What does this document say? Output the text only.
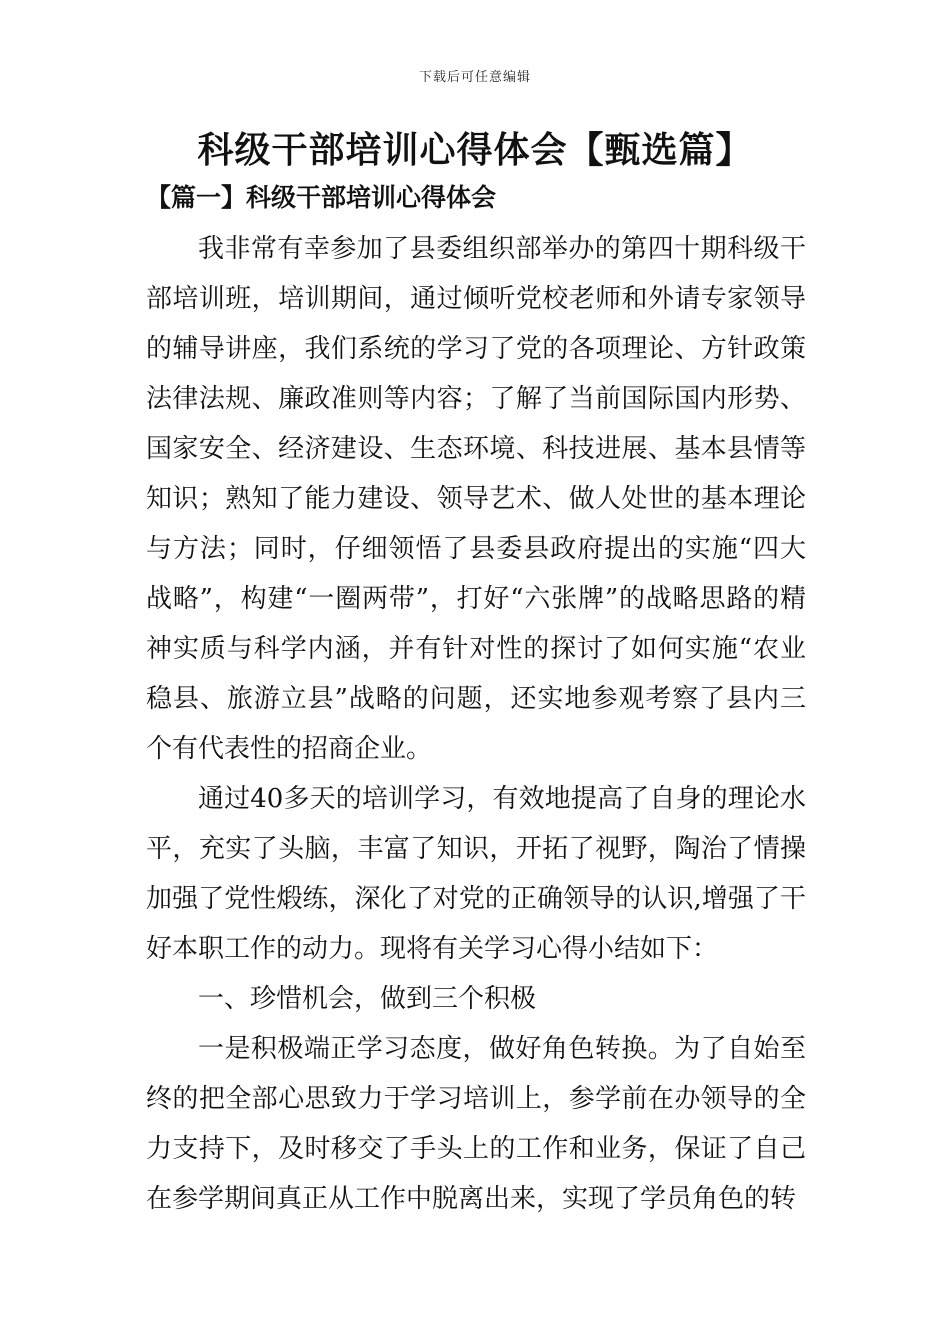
下载后可任意编辑
科级干部培训心得体会【甄选篇】
【篇一】科级干部培训心得体会

我非常有幸参加了县委组织部举办的第四十期科级干部培训班，培训期间，通过倾听党校老师和外请专家领导的辅导讲座，我们系统的学习了党的各项理论、方针政策法律法规、廉政准则等内容；了解了当前国际国内形势、国家安全、经济建设、生态环境、科技进展、基本县情等知识；熟知了能力建设、领导艺术、做人处世的基本理论与方法；同时，仔细领悟了县委县政府提出的实施“四大战略”，构建“一圈两带”，打好“六张牌”的战略思路的精神实质与科学内涵，并有针对性的探讨了如何实施“农业稳县、旅游立县”战略的问题，还实地参观考察了县内三个有代表性的招商企业。

通过40多天的培训学习，有效地提高了自身的理论水平，充实了头脑，丰富了知识，开拓了视野，陶治了情操加强了党性煅练，深化了对党的正确领导的认识,增强了干好本职工作的动力。现将有关学习心得小结如下：

一、珍惜机会，做到三个积极

一是积极端正学习态度，做好角色转换。为了自始至终的把全部心思致力于学习培训上，参学前在办领导的全力支持下，及时移交了手头上的工作和业务，保证了自己在参学期间真正从工作中脱离出来，实现了学员角色的转
